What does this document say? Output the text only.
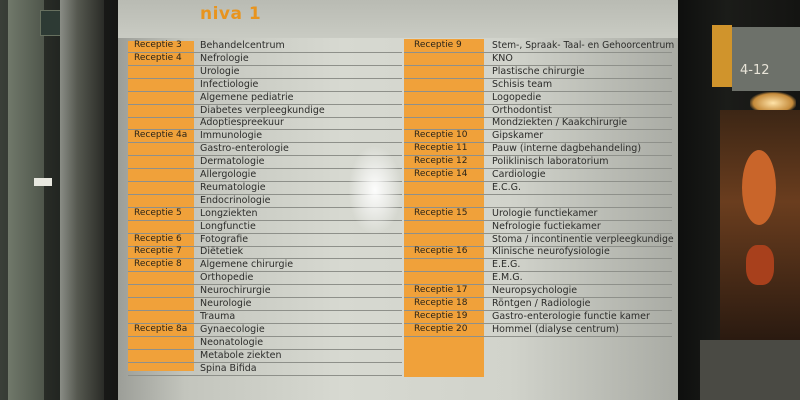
niva 1
Receptie 3 Behandelcentrum
Receptie 4 Nefrologie
Urologie
Infectiologie
Algemene pediatrie
Diabetes verpleegkundige
Adoptiespreekuur
Receptie 4a Immunologie
Gastro-enterologie
Dermatologie
Allergologie
Reumatologie
Endocrinologie
Receptie 5 Longziekten
Longfunctie
Receptie 6 Fotografie
Receptie 7 Diëtetiek
Receptie 8 Algemene chirurgie
Orthopedie
Neurochirurgie
Neurologie
Trauma
Receptie 8a Gynaecologie
Neonatologie
Metabole ziekten
Spina Bifida
Receptie 9	Stem-, Spraak- Taal- en Gehoorcentrum
KNO
Plastische chirurgie
Schisis team
Logopedie
Orthodontist
Mondziekten / Kaakchirurgie
Receptie 10	Gipskamer
Receptie 11	Pauw (interne dagbehandeling)
Receptie 12	Poliklinisch laboratorium
Receptie 14	Cardiologie
E.C.G.
Receptie 15	Urologie functiekamer
Nefrologie fuctiekamer
Stoma / incontinentie verpleegkundige
Receptie 16	Klinische neurofysiologie
E.E.G.
E.M.G.
Receptie 17	Neuropsychologie
Receptie 18	Röntgen / Radiologie
Receptie 19	Gastro-enterologie functie kamer
Receptie 20	Hommel (dialyse centrum)
4-12
